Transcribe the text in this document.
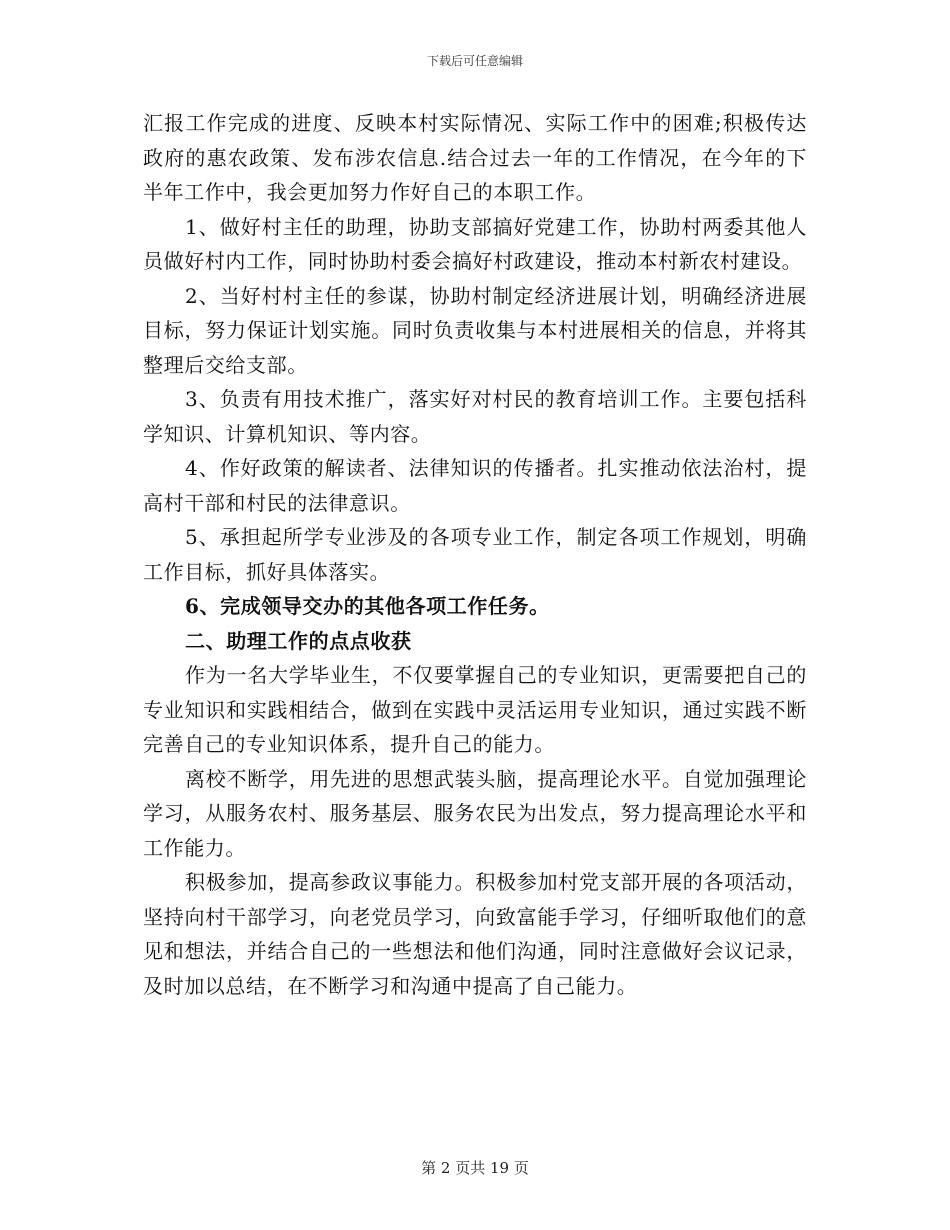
下载后可任意编辑

汇报工作完成的进度、反映本村实际情况、实际工作中的困难;积极传达政府的惠农政策、发布涉农信息.结合过去一年的工作情况，在今年的下半年工作中，我会更加努力作好自己的本职工作。

1、做好村主任的助理，协助支部搞好党建工作，协助村两委其他人员做好村内工作，同时协助村委会搞好村政建设，推动本村新农村建设。

2、当好村村主任的参谋，协助村制定经济进展计划，明确经济进展目标，努力保证计划实施。同时负责收集与本村进展相关的信息，并将其整理后交给支部。

3、负责有用技术推广，落实好对村民的教育培训工作。主要包括科学知识、计算机知识、等内容。

4、作好政策的解读者、法律知识的传播者。扎实推动依法治村，提高村干部和村民的法律意识。

5、承担起所学专业涉及的各项专业工作，制定各项工作规划，明确工作目标，抓好具体落实。

6、完成领导交办的其他各项工作任务。

二、助理工作的点点收获

作为一名大学毕业生，不仅要掌握自己的专业知识，更需要把自己的专业知识和实践相结合，做到在实践中灵活运用专业知识，通过实践不断完善自己的专业知识体系，提升自己的能力。

离校不断学，用先进的思想武装头脑，提高理论水平。自觉加强理论学习，从服务农村、服务基层、服务农民为出发点，努力提高理论水平和工作能力。

积极参加，提高参政议事能力。积极参加村党支部开展的各项活动，坚持向村干部学习，向老党员学习，向致富能手学习，仔细听取他们的意见和想法，并结合自己的一些想法和他们沟通，同时注意做好会议记录，及时加以总结，在不断学习和沟通中提高了自己能力。

第 2 页共 19 页
